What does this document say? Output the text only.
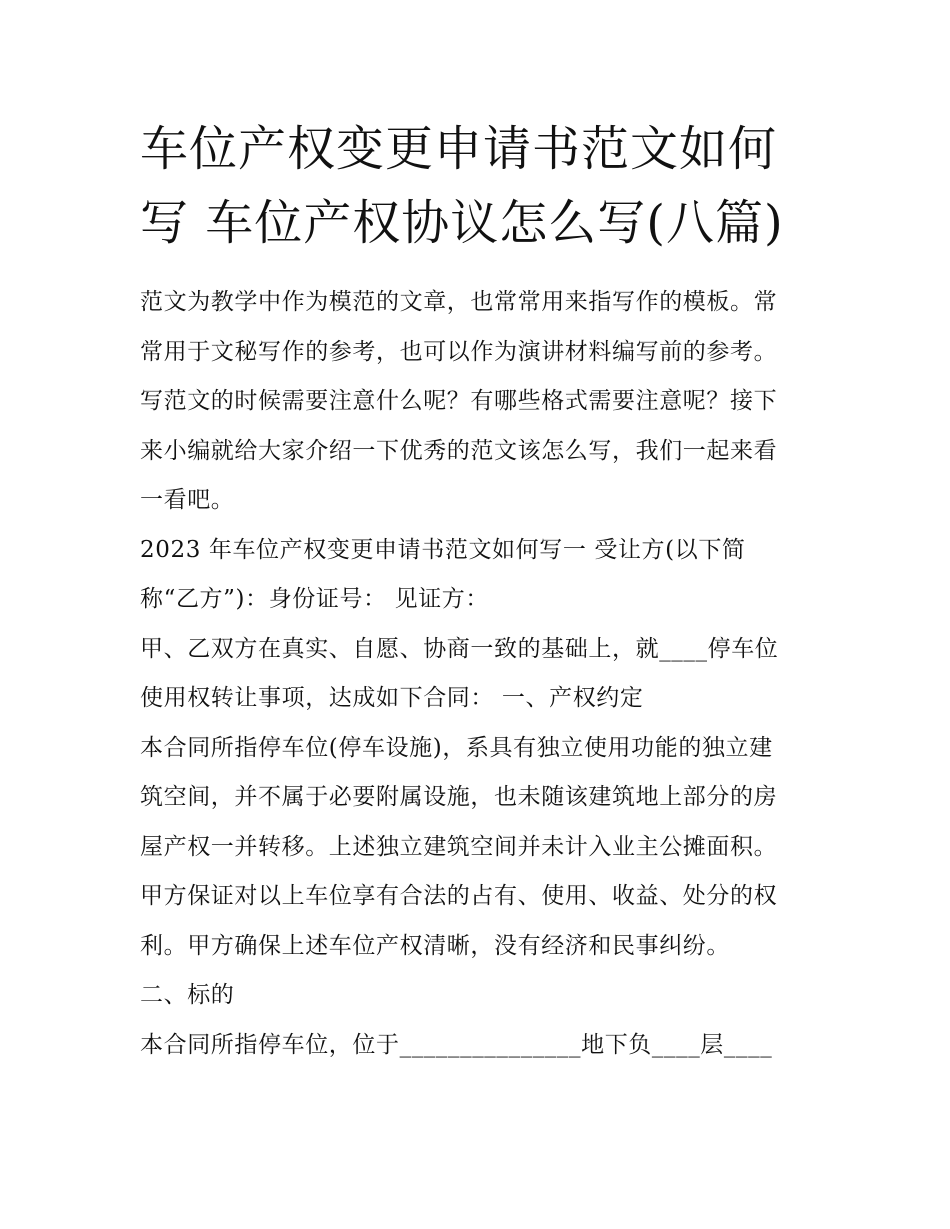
车位产权变更申请书范文如何
写 车位产权协议怎么写(八篇)
范文为教学中作为模范的文章，也常常用来指写作的模板。常
常用于文秘写作的参考，也可以作为演讲材料编写前的参考。
写范文的时候需要注意什么呢？有哪些格式需要注意呢？接下
来小编就给大家介绍一下优秀的范文该怎么写，我们一起来看
一看吧。
2023 年车位产权变更申请书范文如何写一 受让方(以下简
称“乙方”)：身份证号： 见证方：
甲、乙双方在真实、自愿、协商一致的基础上，就____停车位
使用权转让事项，达成如下合同： 一、产权约定
本合同所指停车位(停车设施)，系具有独立使用功能的独立建
筑空间，并不属于必要附属设施，也未随该建筑地上部分的房
屋产权一并转移。上述独立建筑空间并未计入业主公摊面积。
甲方保证对以上车位享有合法的占有、使用、收益、处分的权
利。甲方确保上述车位产权清晰，没有经济和民事纠纷。
二、标的
本合同所指停车位，位于_______________地下负____层____
